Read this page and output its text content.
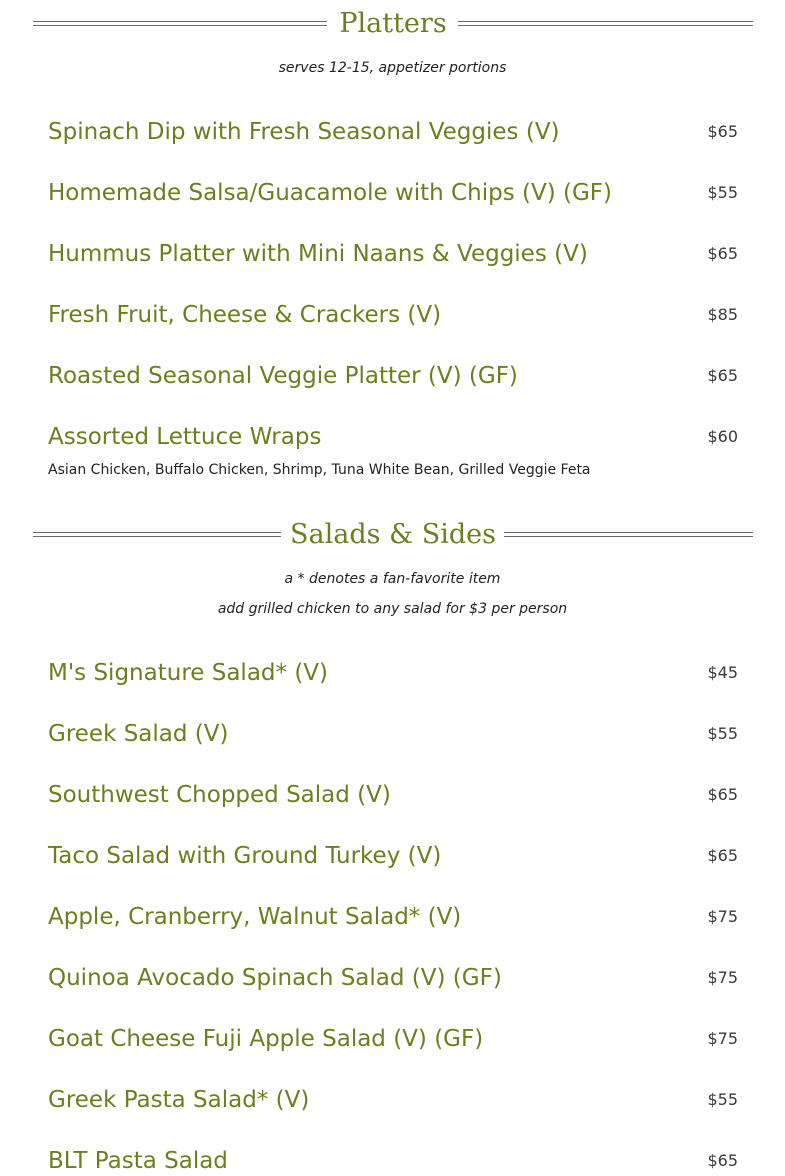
Platters
serves 12-15, appetizer portions
Spinach Dip with Fresh Seasonal Veggies (V)	$65
Homemade Salsa/Guacamole with Chips (V) (GF)	$55
Hummus Platter with Mini Naans & Veggies (V)	$65
Fresh Fruit, Cheese & Crackers (V)	$85
Roasted Seasonal Veggie Platter (V) (GF)	$65
Assorted Lettuce Wraps	$60
Asian Chicken, Buffalo Chicken, Shrimp, Tuna White Bean, Grilled Veggie Feta
Salads & Sides
a * denotes a fan-favorite item
add grilled chicken to any salad for $3 per person
M's Signature Salad* (V)	$45
Greek Salad (V)	$55
Southwest Chopped Salad (V)	$65
Taco Salad with Ground Turkey (V)	$65
Apple, Cranberry, Walnut Salad* (V)	$75
Quinoa Avocado Spinach Salad (V) (GF)	$75
Goat Cheese Fuji Apple Salad (V) (GF)	$75
Greek Pasta Salad* (V)	$55
BLT Pasta Salad	$65
